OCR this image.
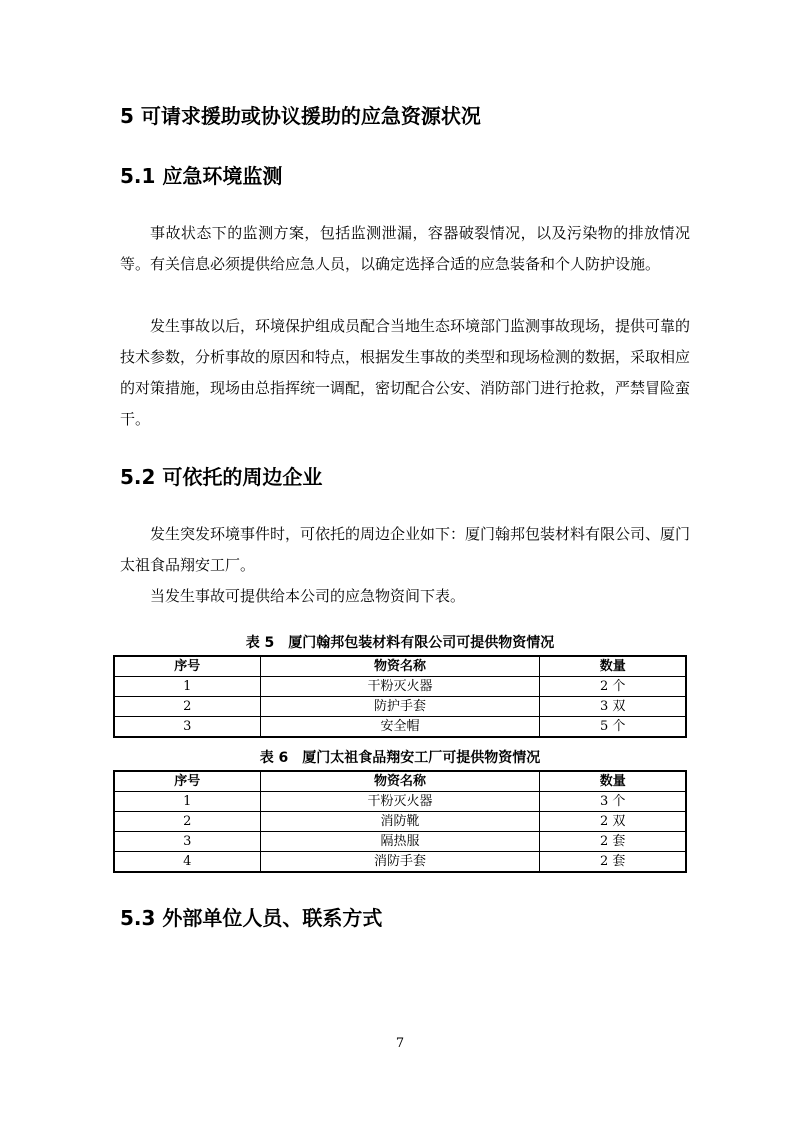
5 可请求援助或协议援助的应急资源状况
5.1 应急环境监测

事故状态下的监测方案，包括监测泄漏，容器破裂情况，以及污染物的排放情况等。有关信息必须提供给应急人员，以确定选择合适的应急装备和个人防护设施。

发生事故以后，环境保护组成员配合当地生态环境部门监测事故现场，提供可靠的技术参数，分析事故的原因和特点，根据发生事故的类型和现场检测的数据，采取相应的对策措施，现场由总指挥统一调配，密切配合公安、消防部门进行抢救，严禁冒险蛮干。

5.2 可依托的周边企业

发生突发环境事件时，可依托的周边企业如下：厦门翰邦包装材料有限公司、厦门太祖食品翔安工厂。

当发生事故可提供给本公司的应急物资间下表。

表 5　厦门翰邦包装材料有限公司可提供物资情况

序号	物资名称	数量
1	干粉灭火器	2 个
2	防护手套	3 双
3	安全帽	5 个

表 6　厦门太祖食品翔安工厂可提供物资情况

序号	物资名称	数量
1	干粉灭火器	3 个
2	消防靴	2 双
3	隔热服	2 套
4	消防手套	2 套
5.3 外部单位人员、联系方式
7
